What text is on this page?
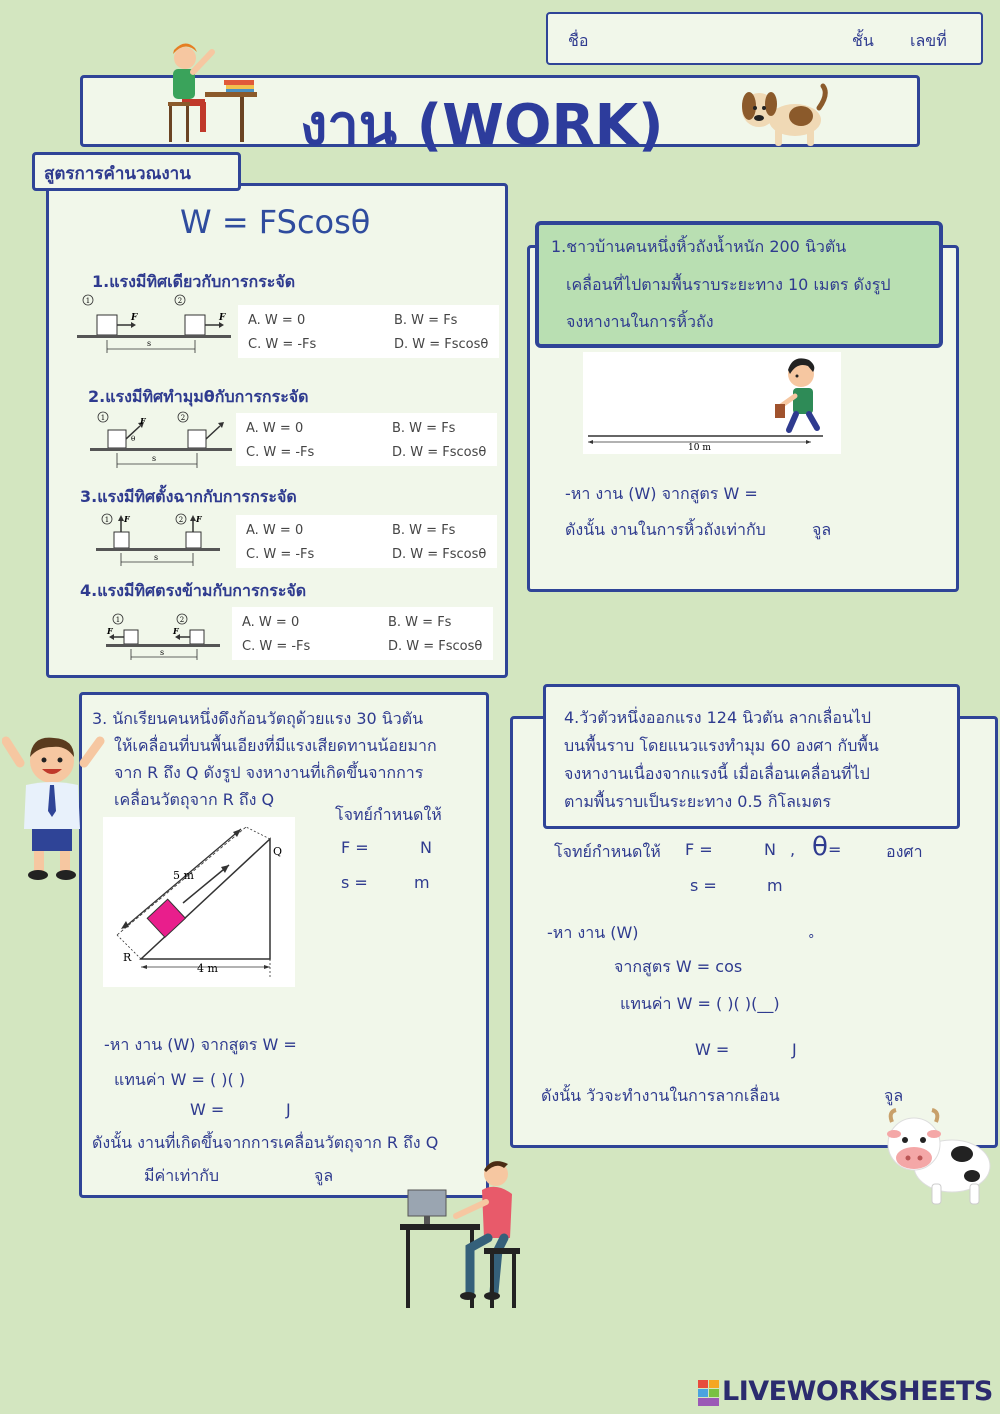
ชื่อ	ชั้น เลขที่
งาน (WORK)
สูตรการคำนวณงาน
W = FScosθ
1.แรงมีทิศเดียวกับการกระจัด
1	2
F	F
s
A. W = 0	B. W = Fs
C. W = -Fs	D. W = Fscosθ
2.แรงมีทิศทำมุมθกับการกระจัด
1	2
F
θ
s
A. W = 0	B. W = Fs
C. W = -Fs	D. W = Fscosθ
3.แรงมีทิศตั้งฉากกับการกระจัด
1	2
F	F
s
A. W = 0	B. W = Fs
C. W = -Fs	D. W = Fscosθ
4.แรงมีทิศตรงข้ามกับการกระจัด
1	2
F	F
s
A. W = 0	B. W = Fs
C. W = -Fs	D. W = Fscosθ
1.ชาวบ้านคนหนึ่งหิ้วถังน้ำหนัก 200 นิวตัน
เคลื่อนที่ไปตามพื้นราบระยะทาง 10 เมตร ดังรูป
จงหางานในการหิ้วถัง
10 m
-หา งาน (W) จากสูตร W =
ดังนั้น งานในการหิ้วถังเท่ากับ	จูล
3. นักเรียนคนหนึ่งดึงก้อนวัตถุด้วยแรง 30 นิวตัน
ให้เคลื่อนที่บนพื้นเอียงที่มีแรงเสียดทานน้อยมาก
จาก R ถึง Q ดังรูป จงหางานที่เกิดขึ้นจากการ
เคลื่อนวัตถุจาก R ถึง Q
โจทย์กำหนดให้
F =	N
s =	m
5 m
4 m
R
Q
-หา งาน (W) จากสูตร W =
แทนค่า W = ( )( )
W =	J
ดังนั้น งานที่เกิดขึ้นจากการเคลื่อนวัตถุจาก R ถึง Q
มีค่าเท่ากับ	จูล
4.วัวตัวหนึ่งออกแรง 124 นิวตัน ลากเลื่อนไป
บนพื้นราบ โดยแนวแรงทำมุม 60 องศา กับพื้น
จงหางานเนื่องจากแรงนี้ เมื่อเลื่อนเคลื่อนที่ไป
ตามพื้นราบเป็นระยะทาง 0.5 กิโลเมตร
โจทย์กำหนดให้ F =	N , θ =	องศา
s =	m
-หา งาน (W)	°
จากสูตร W = cos
แทนค่า W = ( )( )(__)
W =	J
ดังนั้น วัวจะทำงานในการลากเลื่อน	จูล
LIVEWORKSHEETS
